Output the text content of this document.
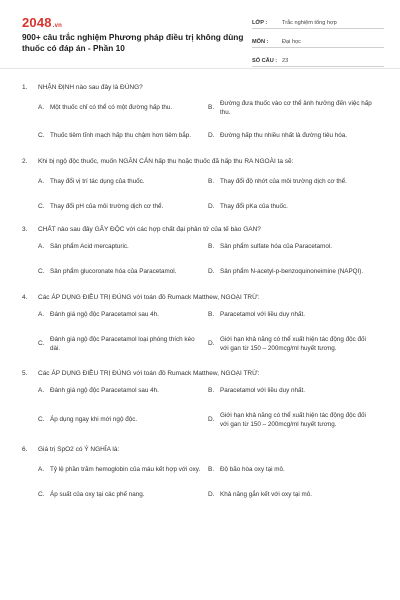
2048.vn
900+ câu trắc nghiệm Phương pháp điều trị không dùng thuốc có đáp án - Phần 10
LỚP :	Trắc nghiệm tổng hợp
MÔN :	Đại học
SỐ CÂU : 23
1.	NHẬN ĐỊNH nào sau đây là ĐÚNG?
A. Một thuốc chỉ có thể có một đường hấp thu.	B.
Đường đưa thuốc vào cơ thể ảnh hưởng đến việc hấp thu.
C. Thuốc tiêm tĩnh mạch hấp thu chậm hơn tiêm bắp.	D. Đường hấp thu nhiều nhất là đường tiêu hóa.
2.	Khi bị ngộ độc thuốc, muốn NGĂN CẢN hấp thu hoặc thuốc đã hấp thu RA NGOÀI ta sẽ:
A. Thay đổi vị trí tác dụng của thuốc.	B. Thay đổi độ nhớt của môi trường dịch cơ thể.
C. Thay đổi pH của môi trường dịch cơ thể.	D. Thay đổi pKa của thuốc.
3.	CHẤT nào sau đây GÂY ĐỘC với các hợp chất đại phân tử của tế bào GAN?
A. Sản phẩm Acid mercapturic.	B. Sản phẩm sulfate hóa của Paracetamol.
C. Sản phẩm glucoronate hóa của Paracetamol.	D. Sản phẩm N-acetyl-p-benzoquinoneimine (NAPQI).
4.	Các ÁP DỤNG ĐIỀU TRỊ ĐÚNG với toán đồ Rumack Matthew, NGOẠI TRỪ:
A. Đánh giá ngộ độc Paracetamol sau 4h.	B. Paracetamol với liều duy nhất.
C.
Đánh giá ngộ độc Paracetamol loại phóng thích kéo dài.
D.
Giới hạn khả năng có thể xuất hiện tác động độc đối với gan từ 150 – 200mcg/ml huyết tương.
5.	Các ÁP DỤNG ĐIỀU TRỊ ĐÚNG với toán đồ Rumack Matthew, NGOẠI TRỪ:
A. Đánh giá ngộ độc Paracetamol sau 4h.	B. Paracetamol với liều duy nhất.
C. Áp dụng ngay khi mới ngộ độc.	D.
Giới hạn khả năng có thể xuất hiện tác động độc đối với gan từ 150 – 200mcg/ml huyết tương.
6.	Giá trị SpO2 có Ý NGHĨA là:
A. Tỷ lệ phần trăm hemoglobin của máu kết hợp với oxy. B. Độ bão hòa oxy tại mô.
C. Áp suất của oxy tại các phế nang.	D. Khả năng gắn kết với oxy tại mô.
